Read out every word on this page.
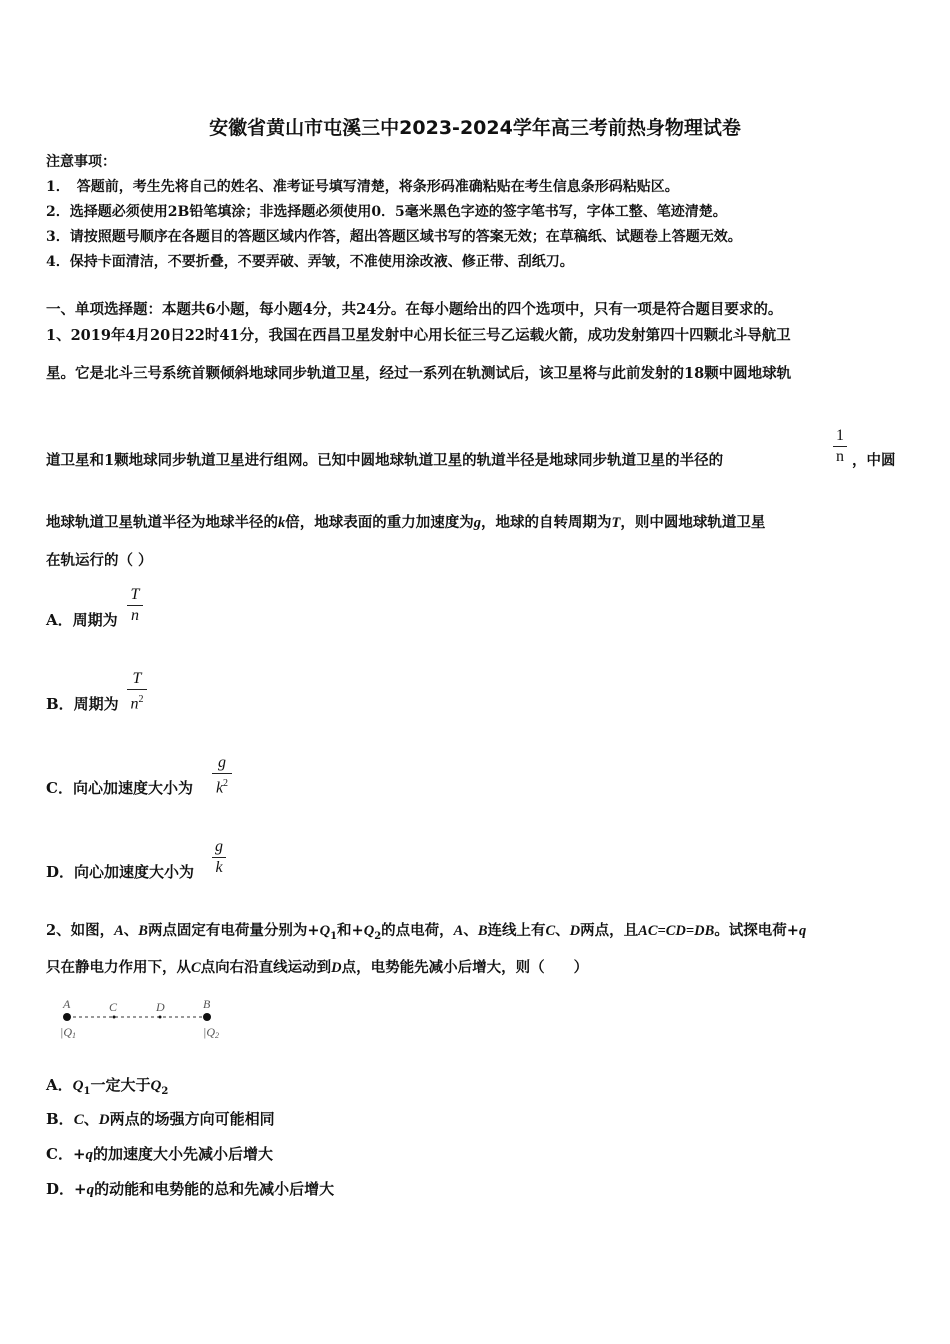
安徽省黄山市屯溪三中2023-2024学年高三考前热身物理试卷
注意事项：
1．　答题前，考生先将自己的姓名、准考证号填写清楚，将条形码准确粘贴在考生信息条形码粘贴区。
2．选择题必须使用2B铅笔填涂；非选择题必须使用0．5毫米黑色字迹的签字笔书写，字体工整、笔迹清楚。
3．请按照题号顺序在各题目的答题区域内作答，超出答题区域书写的答案无效；在草稿纸、试题卷上答题无效。
4．保持卡面清洁，不要折叠，不要弄破、弄皱，不准使用涂改液、修正带、刮纸刀。
一、单项选择题：本题共6小题，每小题4分，共24分。在每小题给出的四个选项中，只有一项是符合题目要求的。
1、2019年4月20日22时41分，我国在西昌卫星发射中心用长征三号乙运载火箭，成功发射第四十四颗北斗导航卫
星。它是北斗三号系统首颗倾斜地球同步轨道卫星，经过一系列在轨测试后，该卫星将与此前发射的18颗中圆地球轨
道卫星和1颗地球同步轨道卫星进行组网。已知中圆地球轨道卫星的轨道半径是地球同步轨道卫星的半径的
1
n ，中圆
地球轨道卫星轨道半径为地球半径的k倍，地球表面的重力加速度为g，地球的自转周期为T，则中圆地球轨道卫星
在轨运行的（ ）
A．周期为
T
n
B．周期为
T
$n^2$
C．向心加速度大小为
g
$k^2$
D．向心加速度大小为
g
k
2、如图，A、B两点固定有电荷量分别为$+Q_1$和$+Q_2$的点电荷，A、B连线上有C、D两点，且AC=CD=DB。试探电荷+q
只在静电力作用下，从C点向右沿直线运动到D点，电势能先减小后增大，则（　　）
A	C	D	B
|Q1	|Q2
A．$Q_1$一定大于$Q_2$
B．C、D两点的场强方向可能相同
C．+q的加速度大小先减小后增大
D．+q的动能和电势能的总和先减小后增大
